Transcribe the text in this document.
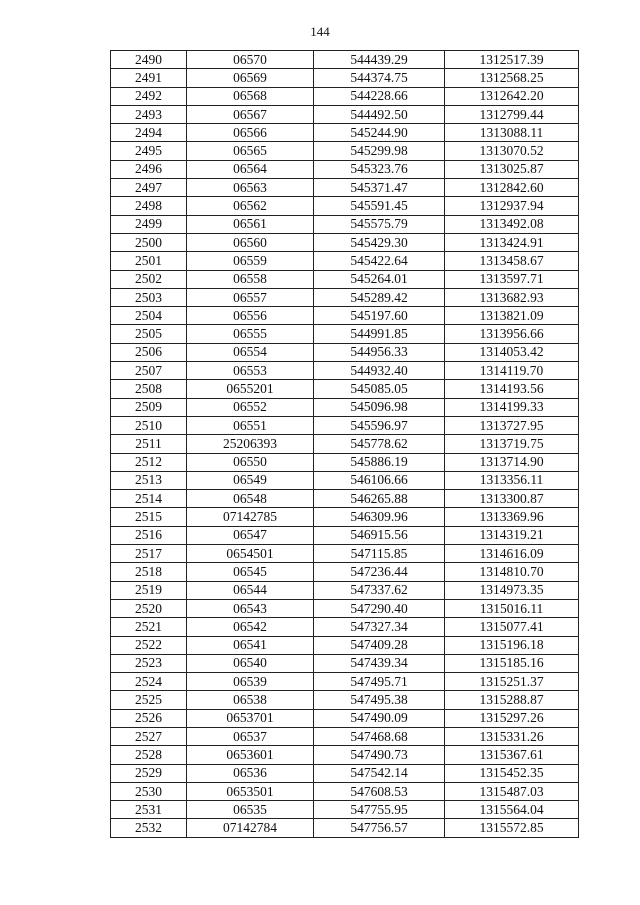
144
2490	06570	544439.29	1312517.39
2491	06569	544374.75	1312568.25
2492	06568	544228.66	1312642.20
2493	06567	544492.50	1312799.44
2494	06566	545244.90	1313088.11
2495	06565	545299.98	1313070.52
2496	06564	545323.76	1313025.87
2497	06563	545371.47	1312842.60
2498	06562	545591.45	1312937.94
2499	06561	545575.79	1313492.08
2500	06560	545429.30	1313424.91
2501	06559	545422.64	1313458.67
2502	06558	545264.01	1313597.71
2503	06557	545289.42	1313682.93
2504	06556	545197.60	1313821.09
2505	06555	544991.85	1313956.66
2506	06554	544956.33	1314053.42
2507	06553	544932.40	1314119.70
2508	0655201	545085.05	1314193.56
2509	06552	545096.98	1314199.33
2510	06551	545596.97	1313727.95
2511	25206393	545778.62	1313719.75
2512	06550	545886.19	1313714.90
2513	06549	546106.66	1313356.11
2514	06548	546265.88	1313300.87
2515	07142785	546309.96	1313369.96
2516	06547	546915.56	1314319.21
2517	0654501	547115.85	1314616.09
2518	06545	547236.44	1314810.70
2519	06544	547337.62	1314973.35
2520	06543	547290.40	1315016.11
2521	06542	547327.34	1315077.41
2522	06541	547409.28	1315196.18
2523	06540	547439.34	1315185.16
2524	06539	547495.71	1315251.37
2525	06538	547495.38	1315288.87
2526	0653701	547490.09	1315297.26
2527	06537	547468.68	1315331.26
2528	0653601	547490.73	1315367.61
2529	06536	547542.14	1315452.35
2530	0653501	547608.53	1315487.03
2531	06535	547755.95	1315564.04
2532	07142784	547756.57	1315572.85
